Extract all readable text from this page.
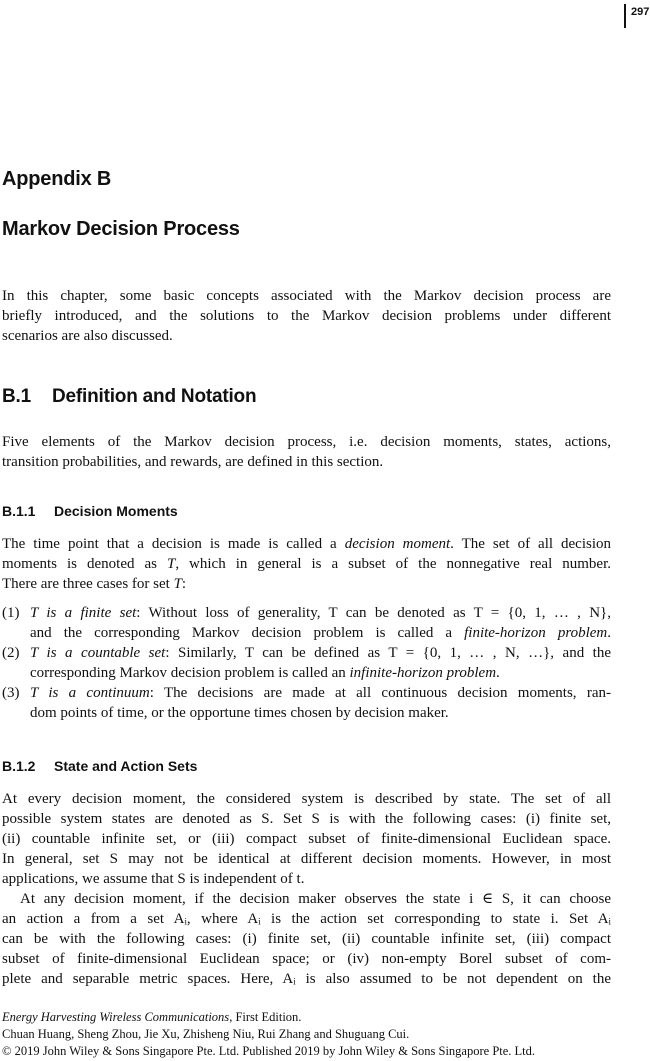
297
Appendix B
Markov Decision Process
In this chapter, some basic concepts associated with the Markov decision process are
briefly introduced, and the solutions to the Markov decision problems under different
scenarios are also discussed.
B.1 Definition and Notation
Five elements of the Markov decision process, i.e. decision moments, states, actions,
transition probabilities, and rewards, are defined in this section.
B.1.1 Decision Moments
The time point that a decision is made is called a decision moment. The set of all decision
moments is denoted as T, which in general is a subset of the nonnegative real number.
There are three cases for set T:
(1) T is a finite set: Without loss of generality, T can be denoted as T = {0, 1, … , N},
and the corresponding Markov decision problem is called a finite-horizon problem.
(2) T is a countable set: Similarly, T can be defined as T = {0, 1, … , N, …}, and the
corresponding Markov decision problem is called an infinite-horizon problem.
(3) T is a continuum: The decisions are made at all continuous decision moments, ran-
dom points of time, or the opportune times chosen by decision maker.
B.1.2 State and Action Sets
At every decision moment, the considered system is described by state. The set of all
possible system states are denoted as S. Set S is with the following cases: (i) finite set,
(ii) countable infinite set, or (iii) compact subset of finite-dimensional Euclidean space.
In general, set S may not be identical at different decision moments. However, in most
applications, we assume that S is independent of t.
At any decision moment, if the decision maker observes the state i ∈ S, it can choose
an action a from a set Aᵢ, where Aᵢ is the action set corresponding to state i. Set Aᵢ
can be with the following cases: (i) finite set, (ii) countable infinite set, (iii) compact
subset of finite-dimensional Euclidean space; or (iv) non-empty Borel subset of com-
plete and separable metric spaces. Here, Aᵢ is also assumed to be not dependent on the
Energy Harvesting Wireless Communications, First Edition.
Chuan Huang, Sheng Zhou, Jie Xu, Zhisheng Niu, Rui Zhang and Shuguang Cui.
© 2019 John Wiley & Sons Singapore Pte. Ltd. Published 2019 by John Wiley & Sons Singapore Pte. Ltd.
